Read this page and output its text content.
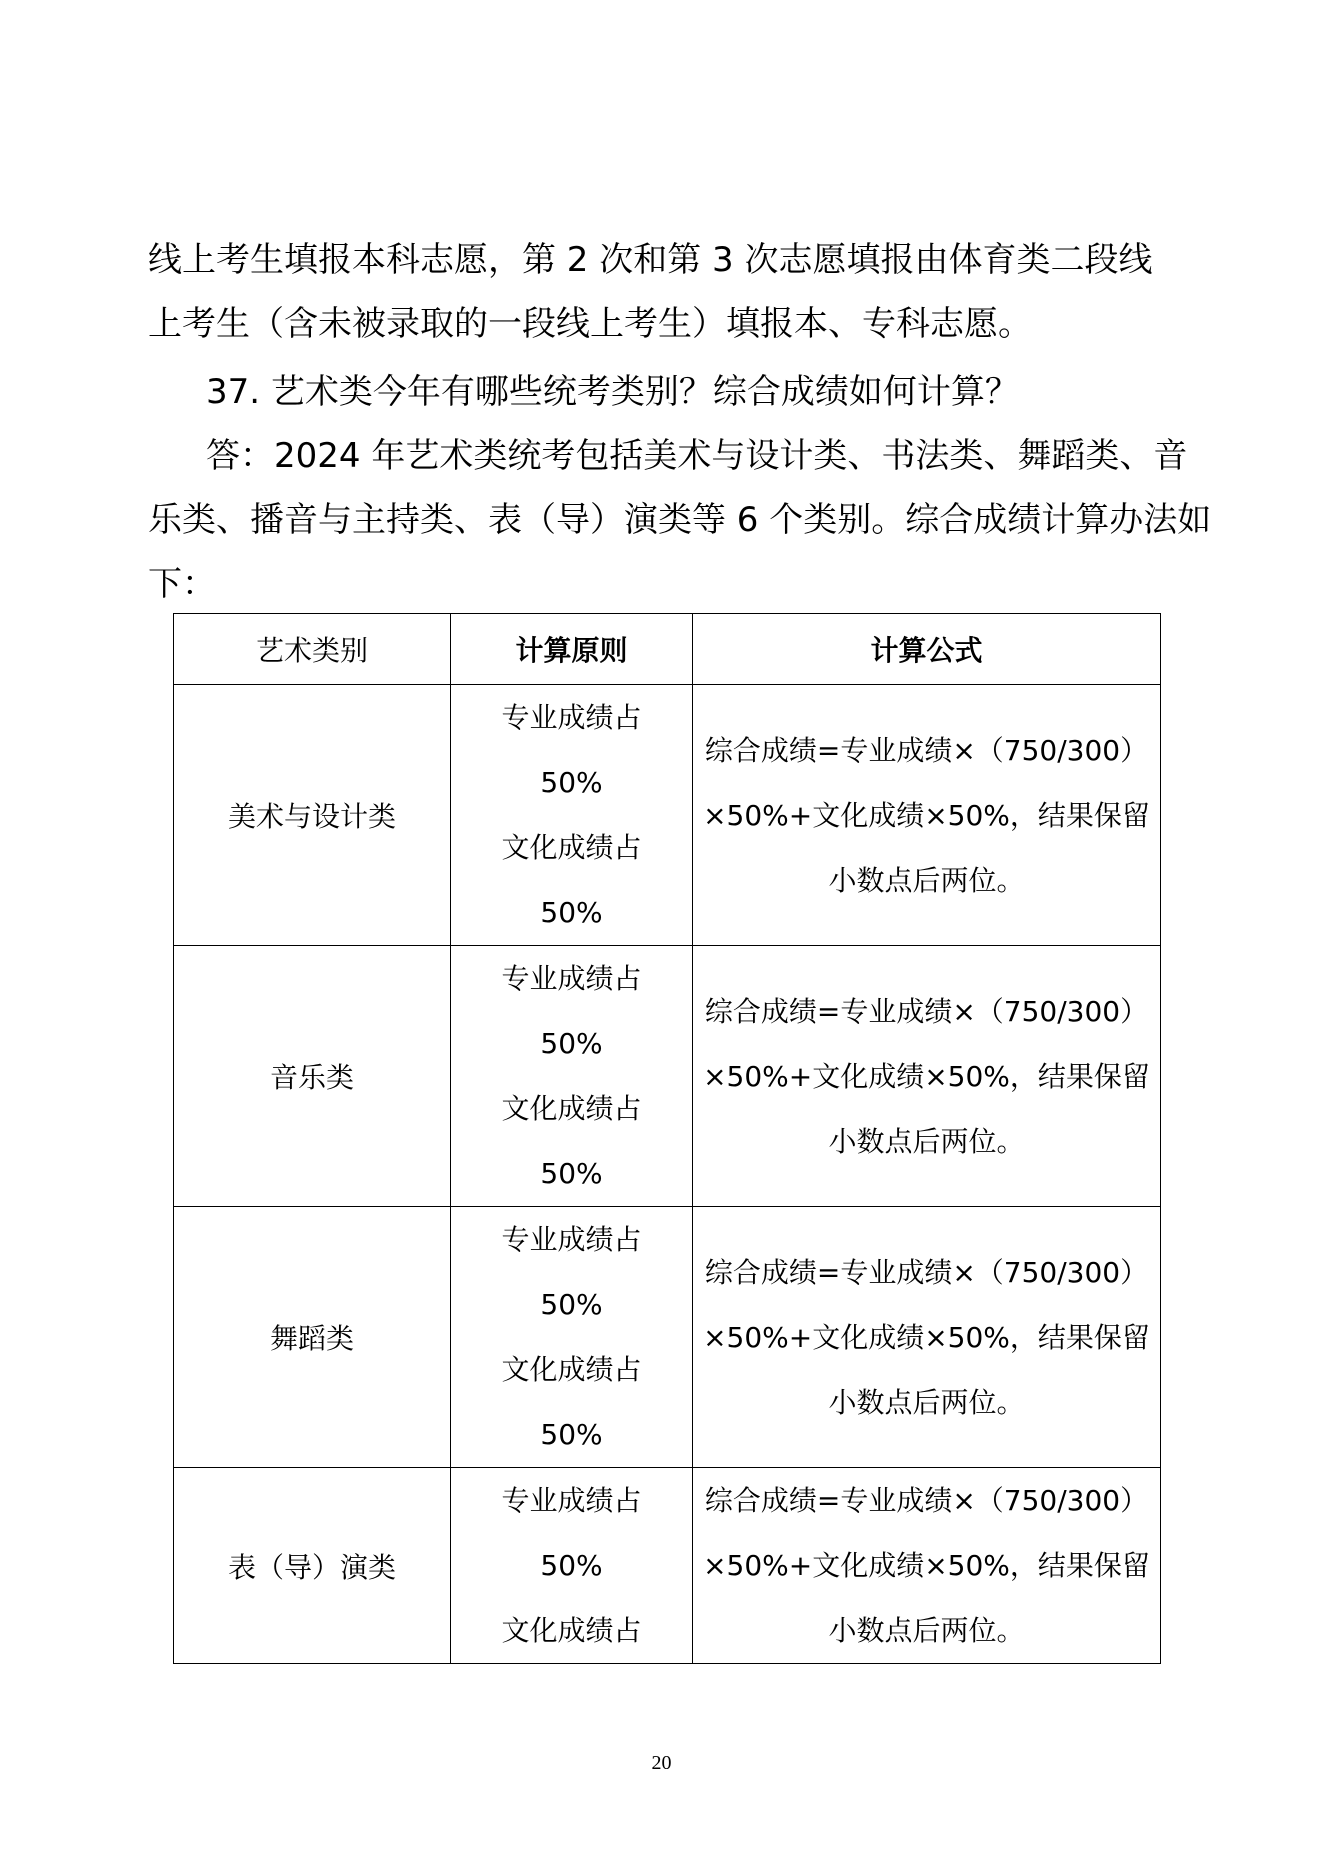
线上考生填报本科志愿，第 2 次和第 3 次志愿填报由体育类二段线
上考生（含未被录取的一段线上考生）填报本、专科志愿。

37. 艺术类今年有哪些统考类别？综合成绩如何计算？

答：2024 年艺术类统考包括美术与设计类、书法类、舞蹈类、音
乐类、播音与主持类、表（导）演类等 6 个类别。综合成绩计算办法如
下：

艺术类别	计算原则	计算公式
美术与设计类	专业成绩占
50%
文化成绩占
50%	综合成绩=专业成绩×（750/300）
×50%+文化成绩×50%，结果保留
小数点后两位。

音乐类	专业成绩占
50%
文化成绩占
50%	综合成绩=专业成绩×（750/300）
×50%+文化成绩×50%，结果保留
小数点后两位。

舞蹈类	专业成绩占
50%
文化成绩占
50%	综合成绩=专业成绩×（750/300）
×50%+文化成绩×50%，结果保留
小数点后两位。

表（导）演类	专业成绩占
50%
文化成绩占	综合成绩=专业成绩×（750/300）
×50%+文化成绩×50%，结果保留
小数点后两位。
20
